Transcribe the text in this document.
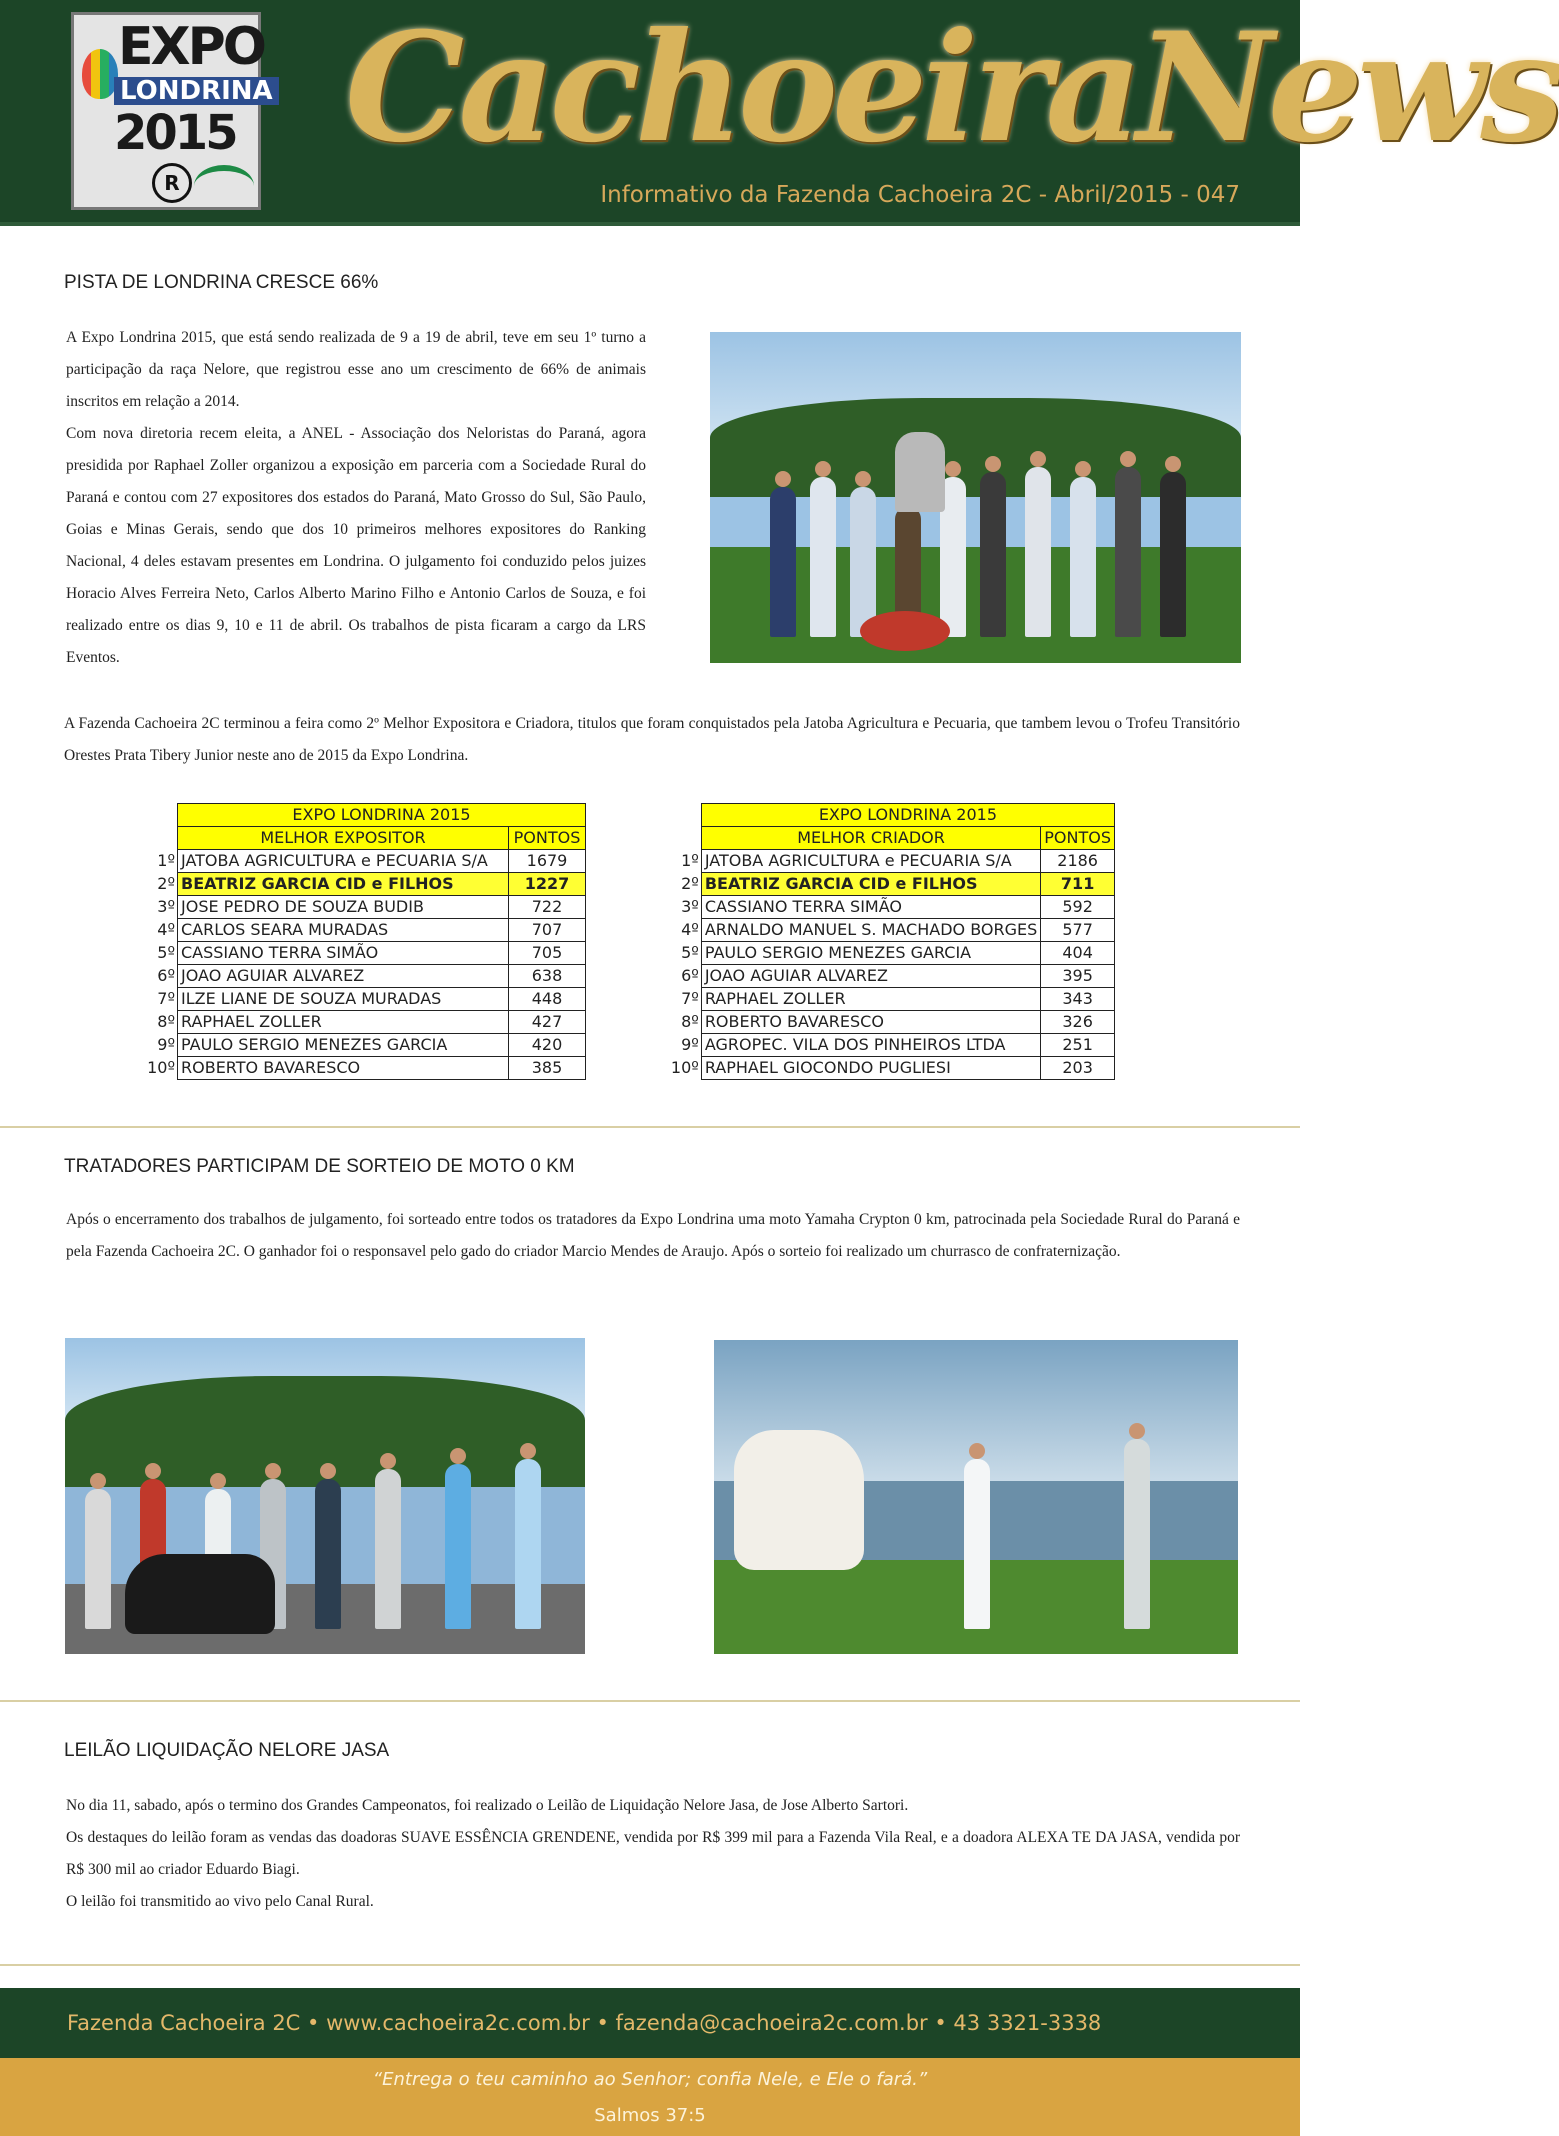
EXPO
LONDRINA
2015
R
CachoeiraNews
Informativo da Fazenda Cachoeira 2C - Abril/2015 - 047
PISTA DE LONDRINA CRESCE 66%

A Expo Londrina 2015, que está sendo realizada de 9 a 19 de abril, teve em seu 1º turno a participação da raça Nelore, que registrou esse ano um crescimento de 66% de animais inscritos em relação a 2014.

Com nova diretoria recem eleita, a ANEL - Associação dos Neloristas do Paraná, agora presidida por Raphael Zoller organizou a exposição em parceria com a Sociedade Rural do Paraná e contou com 27 expositores dos estados do Paraná, Mato Grosso do Sul, São Paulo, Goias e Minas Gerais, sendo que dos 10 primeiros melhores expositores do Ranking Nacional, 4 deles estavam presentes em Londrina. O julgamento foi conduzido pelos juizes Horacio Alves Ferreira Neto, Carlos Alberto Marino Filho e Antonio Carlos de Souza, e foi realizado entre os dias 9, 10 e 11 de abril. Os trabalhos de pista ficaram a cargo da LRS Eventos.

A Fazenda Cachoeira 2C terminou a feira como 2º Melhor Expositora e Criadora, titulos que foram conquistados pela Jatoba Agricultura e Pecuaria, que tambem levou o Trofeu Transitório Orestes Prata Tibery Junior neste ano de 2015 da Expo Londrina.

	EXPO LONDRINA 2015	
	MELHOR EXPOSITOR	PONTOS
1º	JATOBA AGRICULTURA e PECUARIA S/A	1679
2º	BEATRIZ GARCIA CID e FILHOS	1227
3º	JOSE PEDRO DE SOUZA BUDIB	722
4º	CARLOS SEARA MURADAS	707
5º	CASSIANO TERRA SIMÃO	705
6º	JOAO AGUIAR ALVAREZ	638
7º	ILZE LIANE DE SOUZA MURADAS	448
8º	RAPHAEL ZOLLER	427
9º	PAULO SERGIO MENEZES GARCIA	420
10º	ROBERTO BAVARESCO	385
	EXPO LONDRINA 2015	
	MELHOR CRIADOR	PONTOS
1º	JATOBA AGRICULTURA e PECUARIA S/A	2186
2º	BEATRIZ GARCIA CID e FILHOS	711
3º	CASSIANO TERRA SIMÃO	592
4º	ARNALDO MANUEL S. MACHADO BORGES	577
5º	PAULO SERGIO MENEZES GARCIA	404
6º	JOAO AGUIAR ALVAREZ	395
7º	RAPHAEL ZOLLER	343
8º	ROBERTO BAVARESCO	326
9º	AGROPEC. VILA DOS PINHEIROS LTDA	251
10º	RAPHAEL GIOCONDO PUGLIESI	203
TRATADORES PARTICIPAM DE SORTEIO DE MOTO 0 KM

Após o encerramento dos trabalhos de julgamento, foi sorteado entre todos os tratadores da Expo Londrina uma moto Yamaha Crypton 0 km, patrocinada pela Sociedade Rural do Paraná e pela Fazenda Cachoeira 2C. O ganhador foi o responsavel pelo gado do criador Marcio Mendes de Araujo. Após o sorteio foi realizado um churrasco de confraternização.

LEILÃO LIQUIDAÇÃO NELORE JASA

No dia 11, sabado, após o termino dos Grandes Campeonatos, foi realizado o Leilão de Liquidação Nelore Jasa, de Jose Alberto Sartori.

Os destaques do leilão foram as vendas das doadoras SUAVE ESSÊNCIA GRENDENE, vendida por R$ 399 mil para a Fazenda Vila Real, e a doadora ALEXA TE DA JASA, vendida por R$ 300 mil ao criador Eduardo Biagi.

O leilão foi transmitido ao vivo pelo Canal Rural.

Fazenda Cachoeira 2C • www.cachoeira2c.com.br • fazenda@cachoeira2c.com.br • 43 3321-3338
“Entrega o teu caminho ao Senhor; confia Nele, e Ele o fará.”
Salmos 37:5
